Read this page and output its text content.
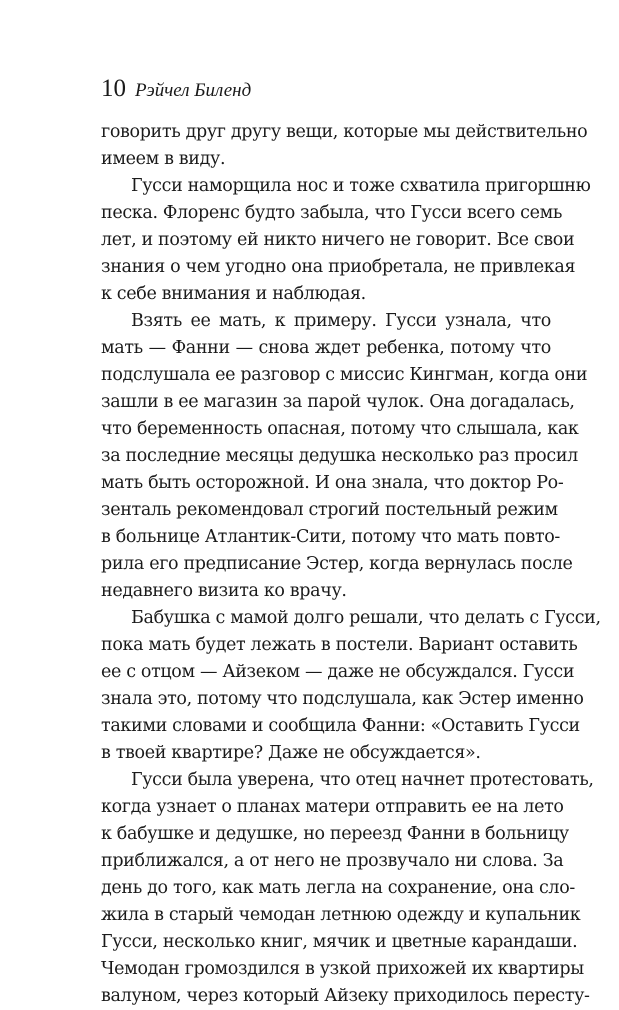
10 Рэйчел Биленд
говорить друг другу вещи, которые мы действительно
имеем в виду.
Гусси наморщила нос и тоже схватила пригоршню
песка. Флоренс будто забыла, что Гусси всего семь
лет, и поэтому ей никто ничего не говорит. Все свои
знания о чем угодно она приобретала, не привлекая
к себе внимания и наблюдая.
Взять ее мать, к примеру. Гусси узнала, что
мать — Фанни — снова ждет ребенка, потому что
подслушала ее разговор с миссис Кингман, когда они
зашли в ее магазин за парой чулок. Она догадалась,
что беременность опасная, потому что слышала, как
за последние месяцы дедушка несколько раз просил
мать быть осторожной. И она знала, что доктор Ро-
зенталь рекомендовал строгий постельный режим
в больнице Атлантик-Сити, потому что мать повто-
рила его предписание Эстер, когда вернулась после
недавнего визита ко врачу.
Бабушка с мамой долго решали, что делать с Гусси,
пока мать будет лежать в постели. Вариант оставить
ее с отцом — Айзеком — даже не обсуждался. Гусси
знала это, потому что подслушала, как Эстер именно
такими словами и сообщила Фанни: «Оставить Гусси
в твоей квартире? Даже не обсуждается».
Гусси была уверена, что отец начнет протестовать,
когда узнает о планах матери отправить ее на лето
к бабушке и дедушке, но переезд Фанни в больницу
приближался, а от него не прозвучало ни слова. За
день до того, как мать легла на сохранение, она сло-
жила в старый чемодан летнюю одежду и купальник
Гусси, несколько книг, мячик и цветные карандаши.
Чемодан громоздился в узкой прихожей их квартиры
валуном, через который Айзеку приходилось пересту-
